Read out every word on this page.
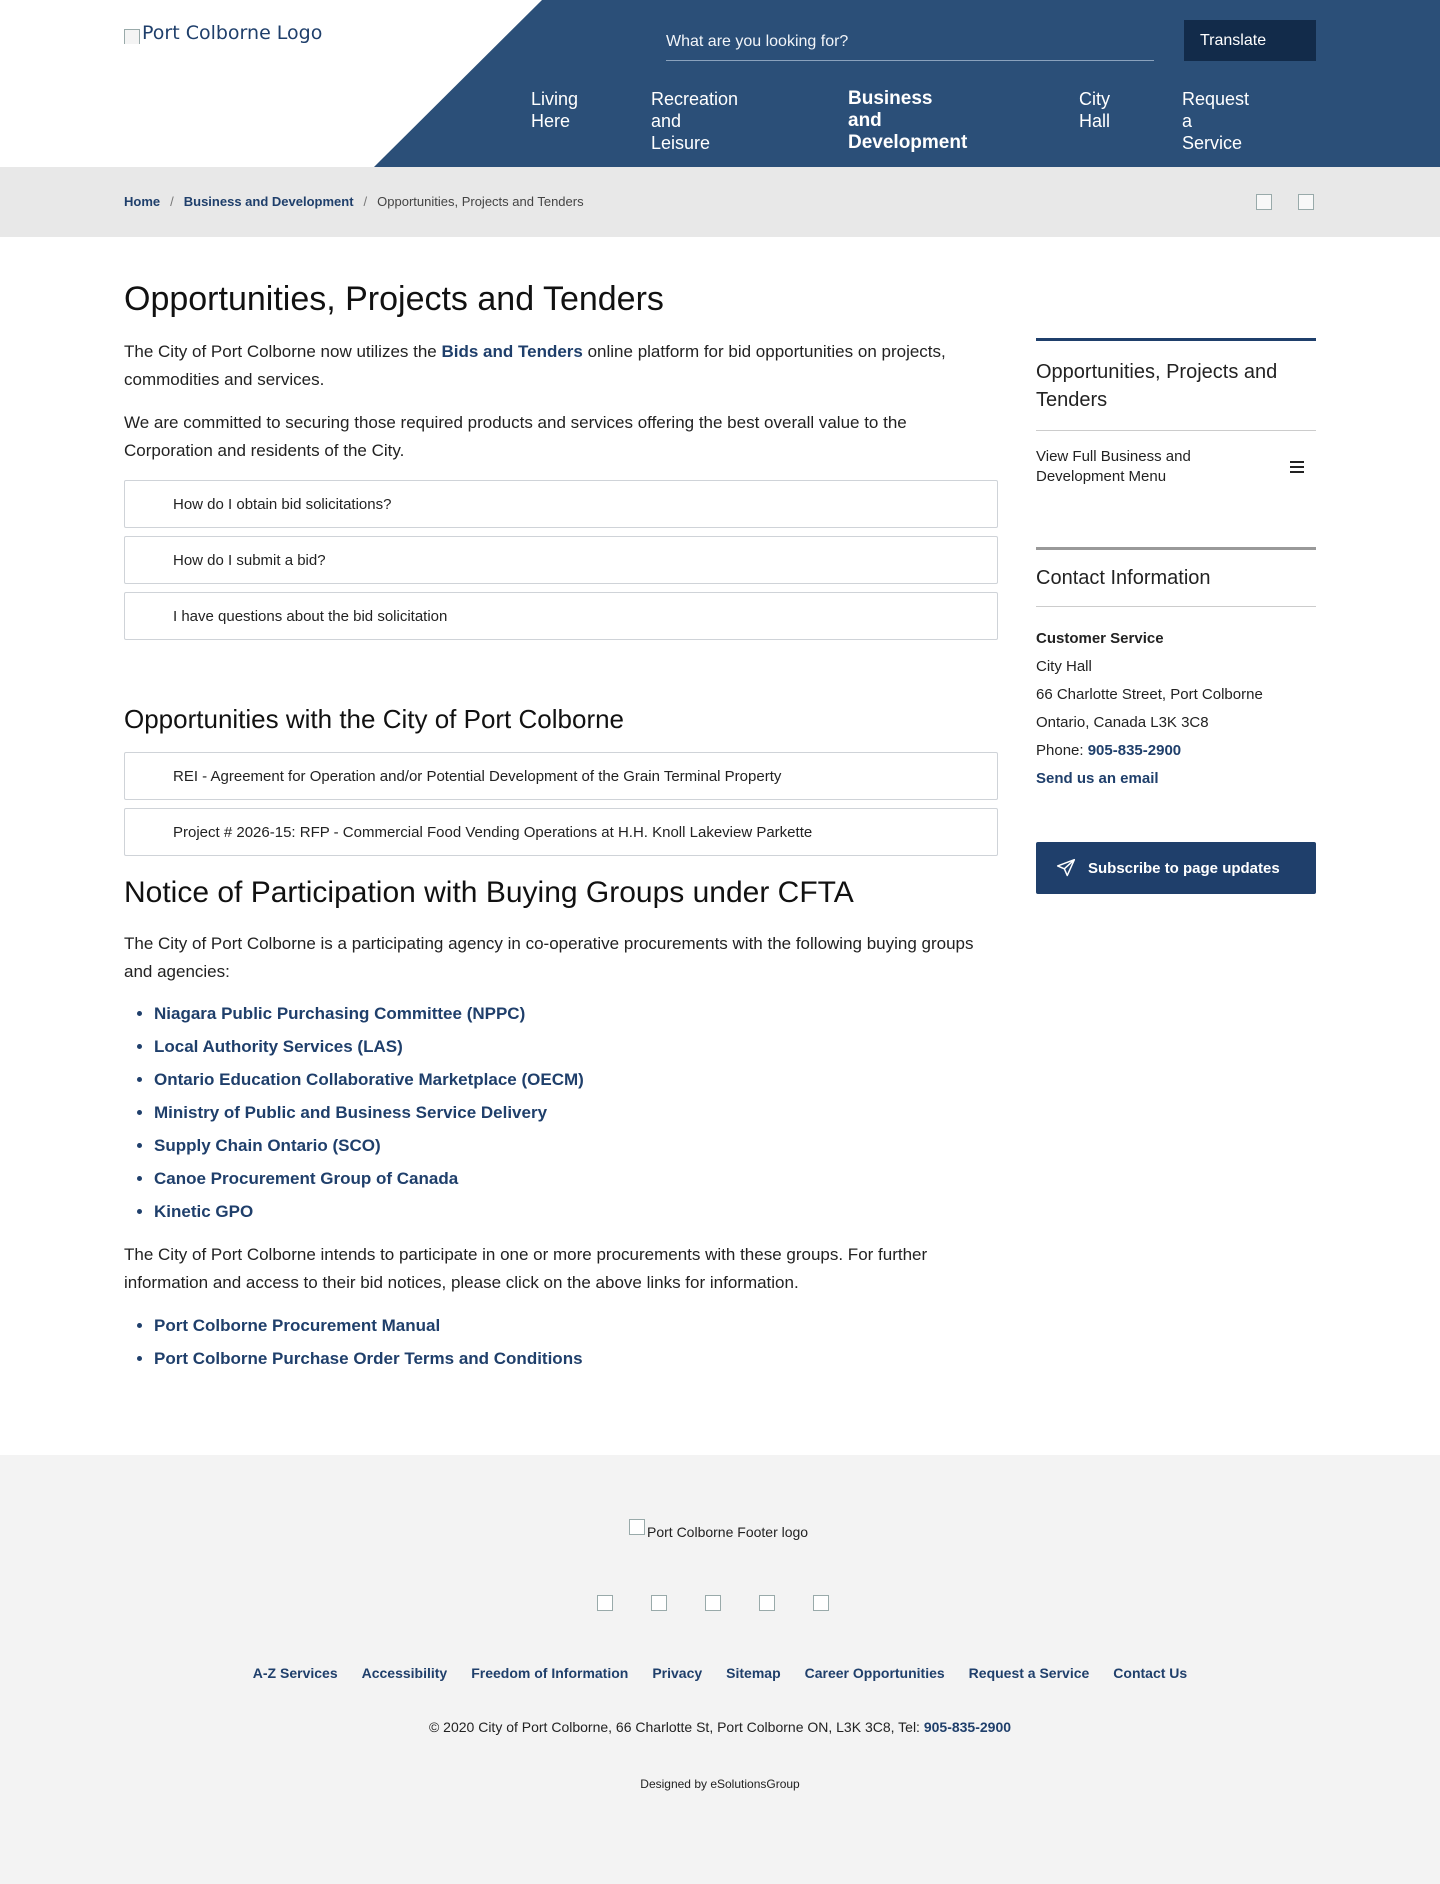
Port Colborne Logo
What are you looking for?	Translate
Living
Here
Recreation and
Leisure
Business and
Development
City
Hall
Request a
Service
Home / Business and Development / Opportunities, Projects and Tenders
Opportunities, Projects and Tenders

The City of Port Colborne now utilizes the Bids and Tenders online platform for bid opportunities on projects, commodities and services.

We are committed to securing those required products and services offering the best overall value to the Corporation and residents of the City.

How do I obtain bid solicitations?
How do I submit a bid?
I have questions about the bid solicitation
Opportunities with the City of Port Colborne
REI - Agreement for Operation and/or Potential Development of the Grain Terminal Property
Project # 2026-15: RFP - Commercial Food Vending Operations at H.H. Knoll Lakeview Parkette
Notice of Participation with Buying Groups under CFTA

The City of Port Colborne is a participating agency in co-operative procurements with the following buying groups and agencies:

• Niagara Public Purchasing Committee (NPPC)
• Local Authority Services (LAS)
• Ontario Education Collaborative Marketplace (OECM)
• Ministry of Public and Business Service Delivery
• Supply Chain Ontario (SCO)
• Canoe Procurement Group of Canada
• Kinetic GPO

The City of Port Colborne intends to participate in one or more procurements with these groups. For further information and access to their bid notices, please click on the above links for information.

• Port Colborne Procurement Manual
• Port Colborne Purchase Order Terms and Conditions
Opportunities, Projects and Tenders
View Full Business and Development Menu
Contact Information
Customer Service
City Hall
66 Charlotte Street, Port Colborne
Ontario, Canada L3K 3C8
Phone: 905-835-2900
Send us an email
Subscribe to page updates
Port Colborne Footer logo
A-Z Services Accessibility Freedom of Information Privacy Sitemap Career Opportunities Request a Service Contact Us
© 2020 City of Port Colborne, 66 Charlotte St, Port Colborne ON, L3K 3C8, Tel: 905-835-2900
Designed by eSolutionsGroup
